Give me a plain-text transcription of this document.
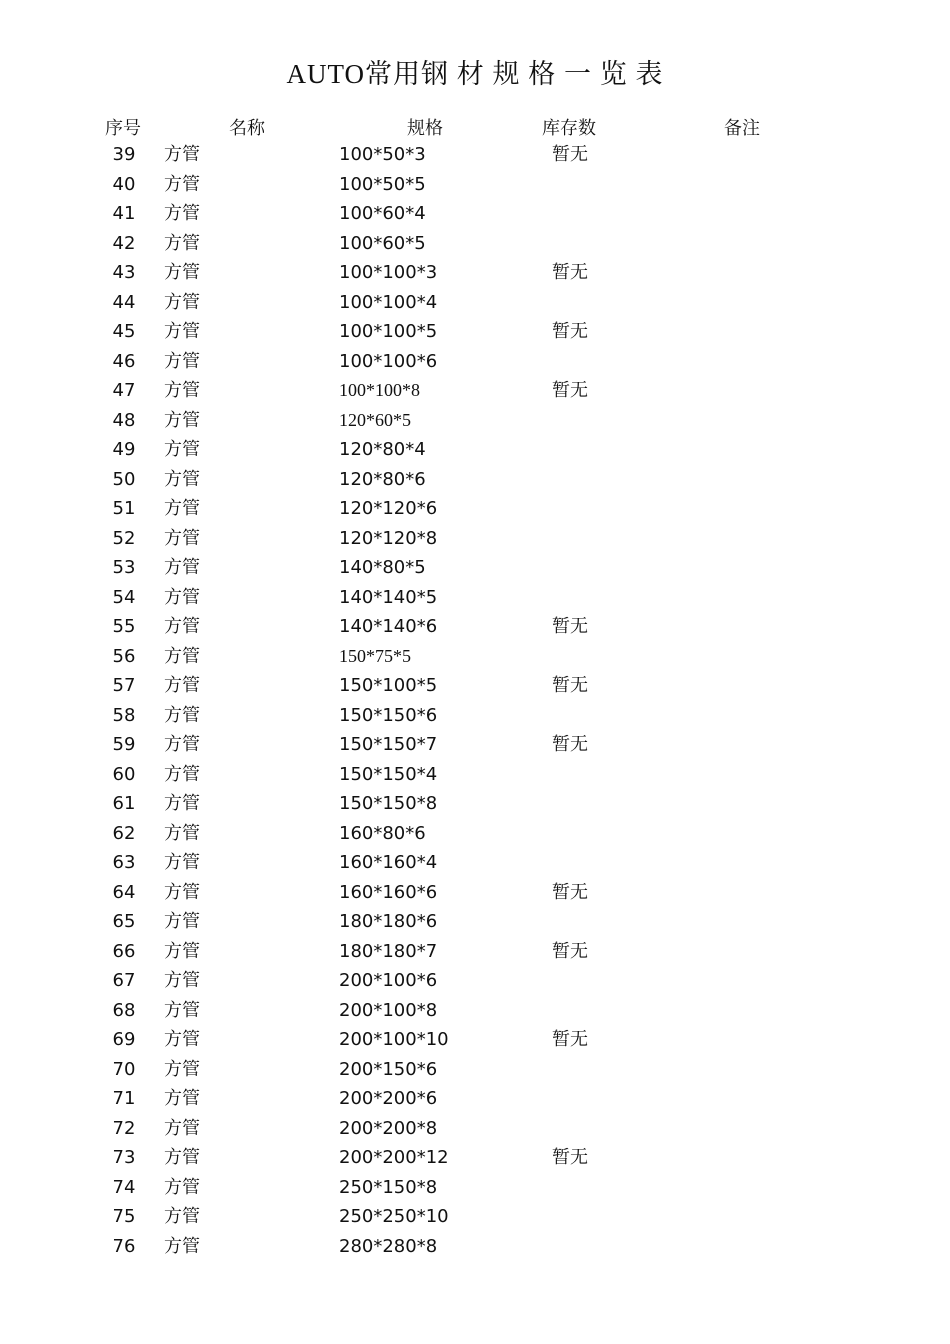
AUTO常用钢 材 规 格 一 览 表
序号	名称	规格	库存数	备注
39	方管	100*50*3	暂无
40	方管	100*50*5
41	方管	100*60*4
42	方管	100*60*5
43	方管	100*100*3	暂无
44	方管	100*100*4
45	方管	100*100*5	暂无
46	方管	100*100*6
47	方管	100*100*8	暂无
48	方管	120*60*5
49	方管	120*80*4
50	方管	120*80*6
51	方管	120*120*6
52	方管	120*120*8
53	方管	140*80*5
54	方管	140*140*5
55	方管	140*140*6	暂无
56	方管	150*75*5
57	方管	150*100*5	暂无
58	方管	150*150*6
59	方管	150*150*7	暂无
60	方管	150*150*4
61	方管	150*150*8
62	方管	160*80*6
63	方管	160*160*4
64	方管	160*160*6	暂无
65	方管	180*180*6
66	方管	180*180*7	暂无
67	方管	200*100*6
68	方管	200*100*8
69	方管	200*100*10	暂无
70	方管	200*150*6
71	方管	200*200*6
72	方管	200*200*8
73	方管	200*200*12	暂无
74	方管	250*150*8
75	方管	250*250*10
76	方管	280*280*8
